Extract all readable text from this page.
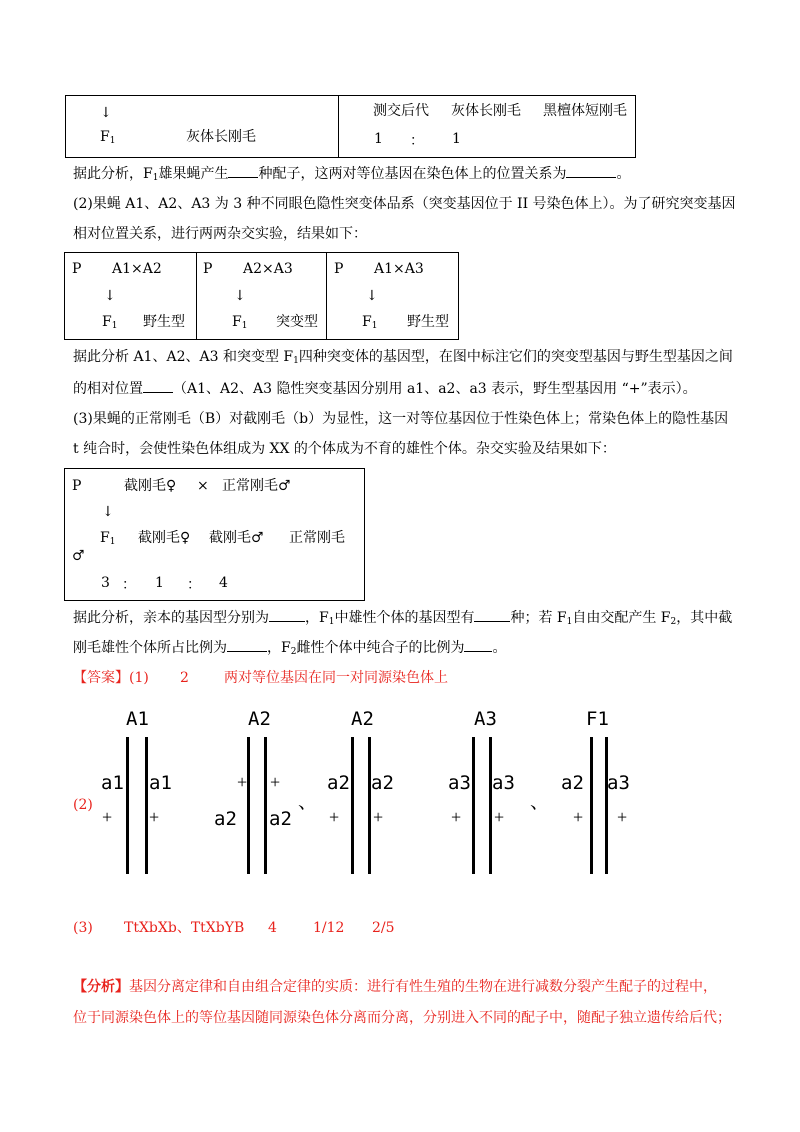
↓
$F_1$	灰体长刚毛
测交后代 灰体长刚毛 黑檀体短刚毛
1 ： 1
据此分析，$F_1$雄果蝇产生 种配子，这两对等位基因在染色体上的位置关系为	。
(2)果蝇 A1、A2、A3 为 3 种不同眼色隐性突变体品系（突变基因位于 II 号染色体上）。为了研究突变基因
相对位置关系，进行两两杂交实验，结果如下：
P A1×A2
↓
$F_1$ 野生型
P A2×A3
↓
$F_1$ 突变型
P A1×A3
↓
$F_1$ 野生型
据此分析 A1、A2、A3 和突变型 $F_1$四种突变体的基因型，在图中标注它们的突变型基因与野生型基因之间
的相对位置 （A1、A2、A3 隐性突变基因分别用 a1、a2、a3 表示，野生型基因用 “+”表示）。
(3)果蝇的正常刚毛（B）对截刚毛（b）为显性，这一对等位基因位于性染色体上；常染色体上的隐性基因
t 纯合时，会使性染色体组成为 XX 的个体成为不育的雄性个体。杂交实验及结果如下：
P	截刚毛♀ × 正常刚毛♂
↓
$F_1$ 截刚毛♀ 截刚毛♂ 正常刚毛
♂
3 ： 1 ： 4
据此分析，亲本的基因型分别为	，$F_1$中雄性个体的基因型有	种；若 $F_1$自由交配产生 $F_2$，其中截
刚毛雄性个体所占比例为	，$F_2$雌性个体中纯合子的比例为 。
【答案】(1) 2	两对等位基因在同一对同源染色体上
(2)
A1	A2	A2	A3	F1
a1 a1
+ +
+ +
a2 a2
、
a2 a2
+ +
a3 a3
+ +
、
a2 a3
+ +
(3) TtXbXb、TtXbYB 4	1/12 2/5
【分析】基因分离定律和自由组合定律的实质：进行有性生殖的生物在进行减数分裂产生配子的过程中，
位于同源染色体上的等位基因随同源染色体分离而分离，分别进入不同的配子中，随配子独立遗传给后代；
